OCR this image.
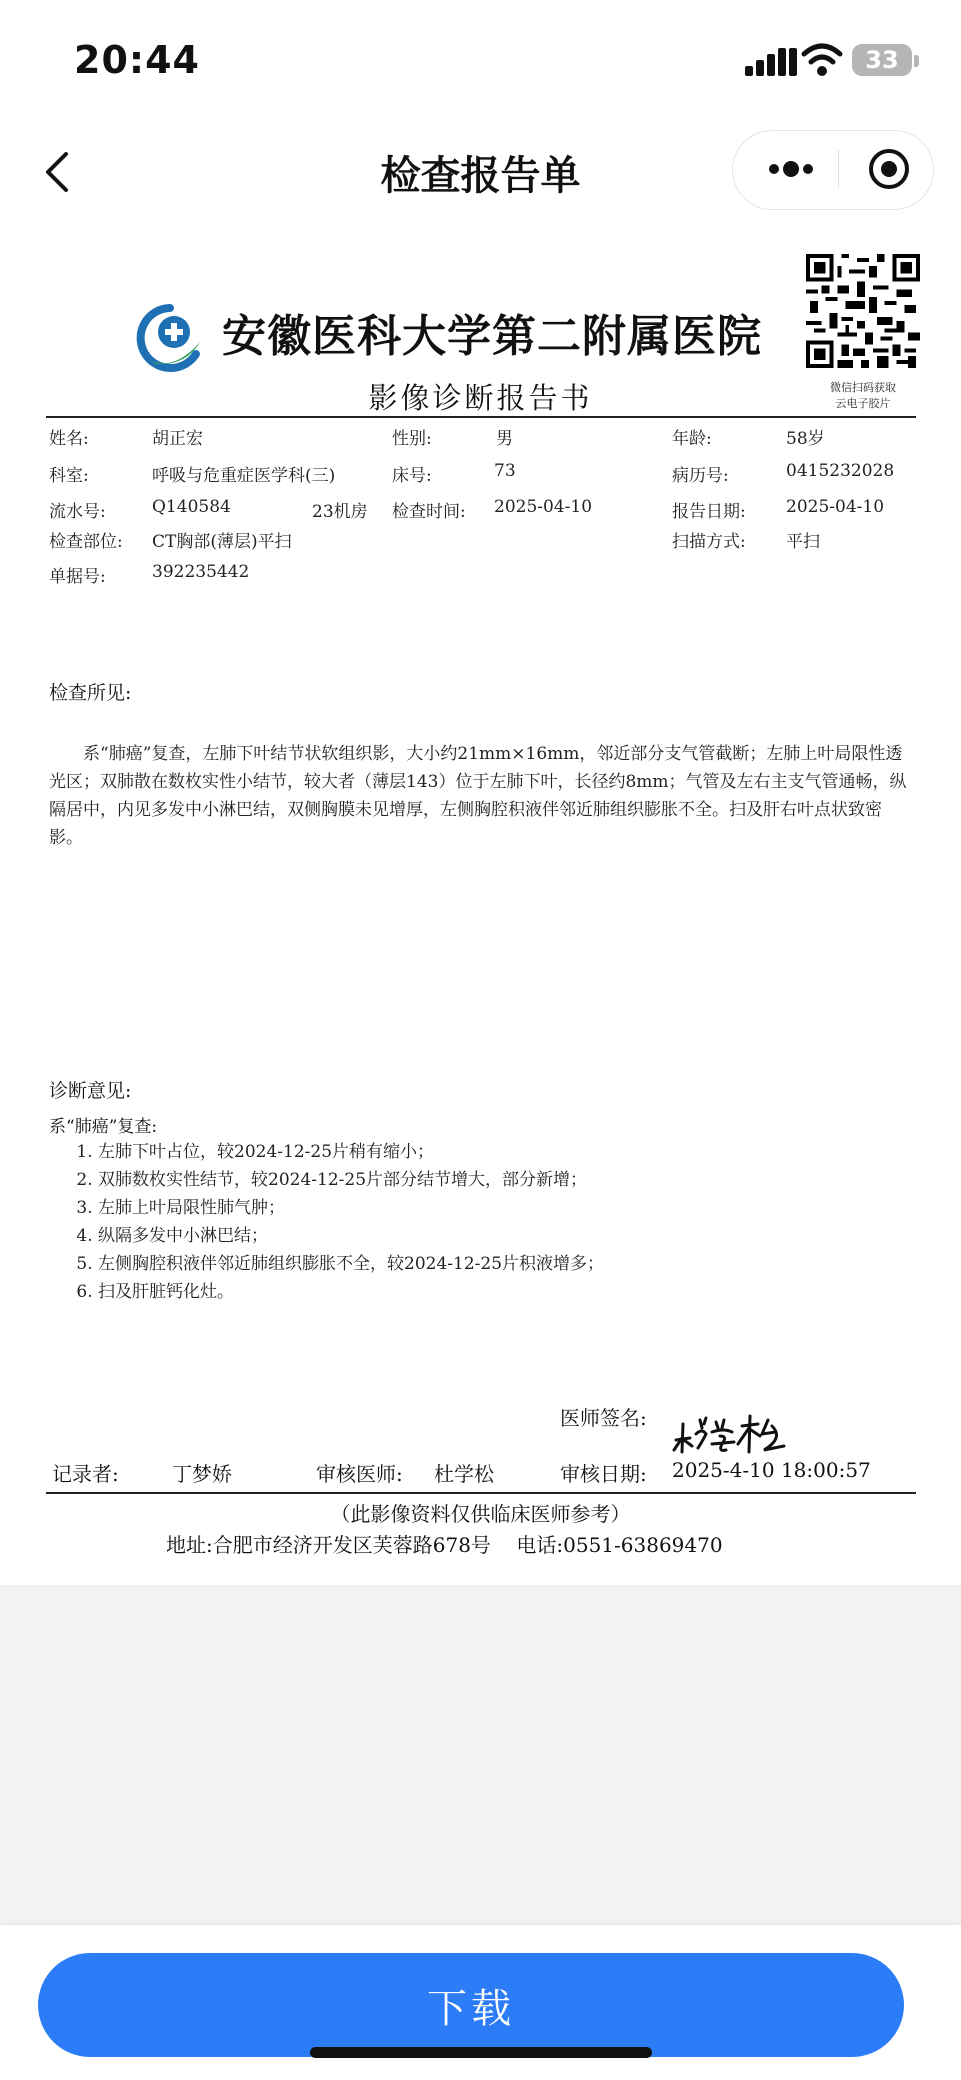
20:44	33
检查报告单
安徽医科大学第二附属医院
微信扫码获取
云电子胶片
影像诊断报告书
姓名:	胡正宏	性别:	男	年龄:	58岁
科室:	呼吸与危重症医学科(三)	床号:	73	病历号:	0415232028
流水号:	Q140584	23机房 检查时间: 2025-04-10	报告日期: 2025-04-10
检查部位: CT胸部(薄层)平扫	扫描方式: 平扫
单据号:	392235442
检查所见:
系“肺癌”复查，左肺下叶结节状软组织影，大小约21mm×16mm，邻近部分支气管截断；左肺上叶局限性透光区；双肺散在数枚实性小结节，较大者（薄层143）位于左肺下叶，长径约8mm；气管及左右主支气管通畅，纵隔居中，内见多发中小淋巴结，双侧胸膜未见增厚，左侧胸腔积液伴邻近肺组织膨胀不全。扫及肝右叶点状致密影。
诊断意见:
系“肺癌”复查:
1. 左肺下叶占位，较2024-12-25片稍有缩小；
2. 双肺数枚实性结节，较2024-12-25片部分结节增大，部分新增；
3. 左肺上叶局限性肺气肿；
4. 纵隔多发中小淋巴结；
5. 左侧胸腔积液伴邻近肺组织膨胀不全，较2024-12-25片积液增多；
6. 扫及肝脏钙化灶。
医师签名:
记录者:	丁梦娇	审核医师: 杜学松	审核日期: 2025-4-10 18:00:57
（此影像资料仅供临床医师参考）
地址:合肥市经济开发区芙蓉路678号 电话:0551-63869470
下载
